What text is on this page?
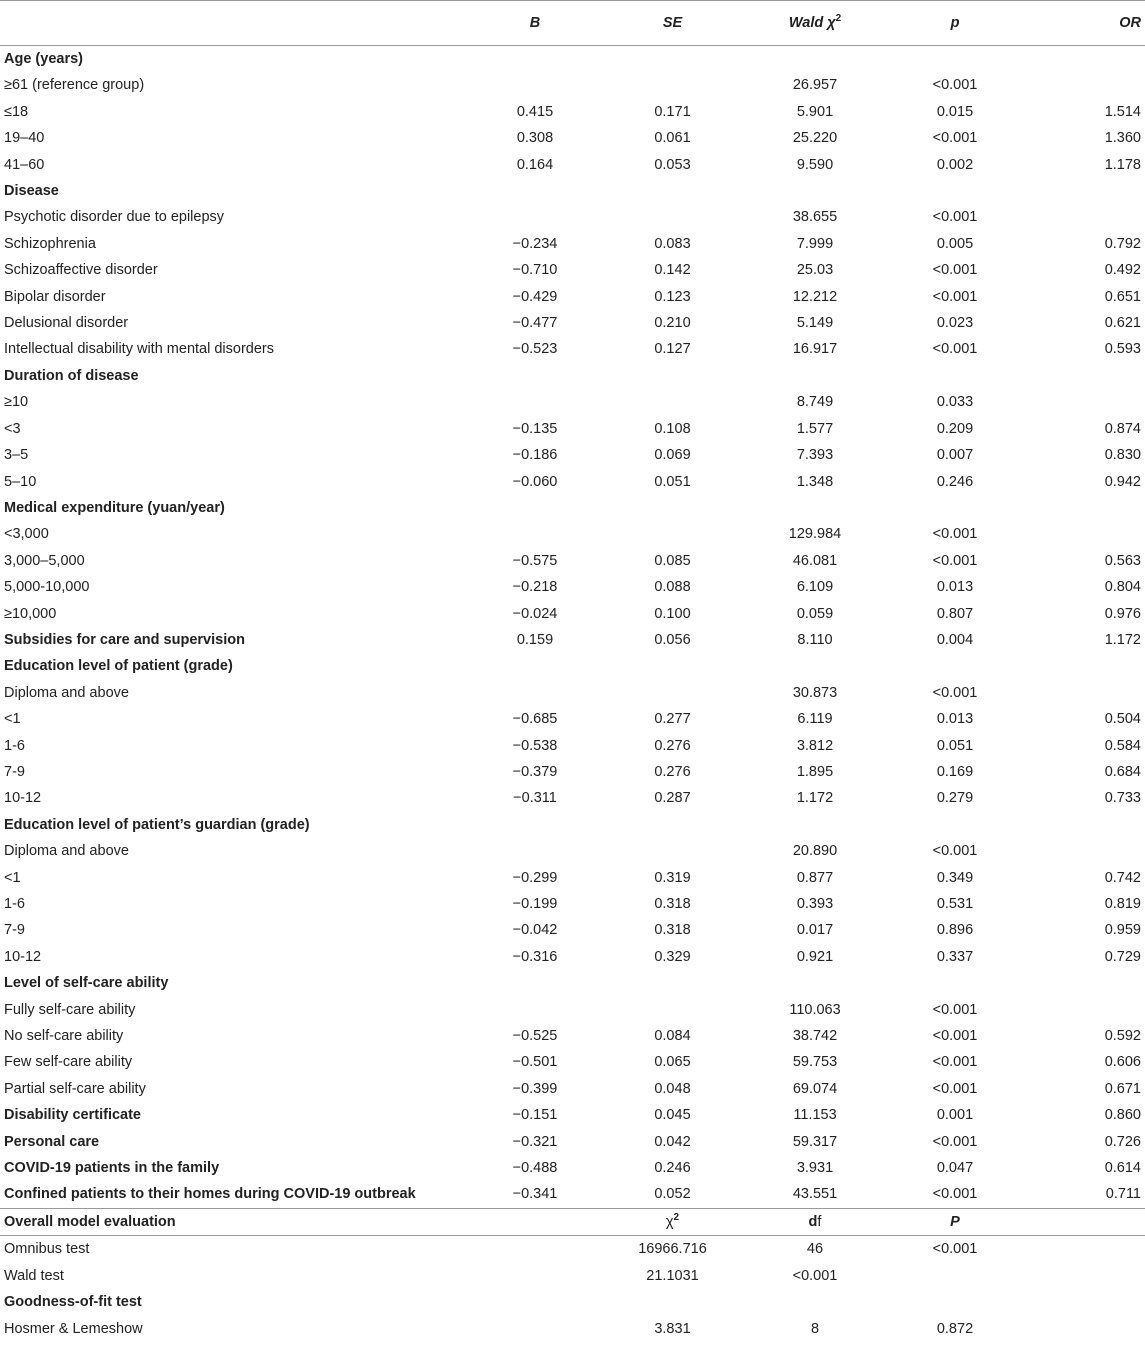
	B	SE	Wald $\chi^2$	p	OR
Age (years)					
≥61 (reference group)			26.957	<0.001	
≤18	0.415	0.171	5.901	0.015	1.514
19–40	0.308	0.061	25.220	<0.001	1.360
41–60	0.164	0.053	9.590	0.002	1.178
Disease					
Psychotic disorder due to epilepsy			38.655	<0.001	
Schizophrenia	−0.234	0.083	7.999	0.005	0.792
Schizoaffective disorder	−0.710	0.142	25.03	<0.001	0.492
Bipolar disorder	−0.429	0.123	12.212	<0.001	0.651
Delusional disorder	−0.477	0.210	5.149	0.023	0.621
Intellectual disability with mental disorders	−0.523	0.127	16.917	<0.001	0.593
Duration of disease					
≥10			8.749	0.033	
<3	−0.135	0.108	1.577	0.209	0.874
3–5	−0.186	0.069	7.393	0.007	0.830
5–10	−0.060	0.051	1.348	0.246	0.942
Medical expenditure (yuan/year)					
<3,000			129.984	<0.001	
3,000–5,000	−0.575	0.085	46.081	<0.001	0.563
5,000-10,000	−0.218	0.088	6.109	0.013	0.804
≥10,000	−0.024	0.100	0.059	0.807	0.976
Subsidies for care and supervision	0.159	0.056	8.110	0.004	1.172
Education level of patient (grade)					
Diploma and above			30.873	<0.001	
<1	−0.685	0.277	6.119	0.013	0.504
1-6	−0.538	0.276	3.812	0.051	0.584
7-9	−0.379	0.276	1.895	0.169	0.684
10-12	−0.311	0.287	1.172	0.279	0.733
Education level of patient’s guardian (grade)					
Diploma and above			20.890	<0.001	
<1	−0.299	0.319	0.877	0.349	0.742
1-6	−0.199	0.318	0.393	0.531	0.819
7-9	−0.042	0.318	0.017	0.896	0.959
10-12	−0.316	0.329	0.921	0.337	0.729
Level of self-care ability					
Fully self-care ability			110.063	<0.001	
No self-care ability	−0.525	0.084	38.742	<0.001	0.592
Few self-care ability	−0.501	0.065	59.753	<0.001	0.606
Partial self-care ability	−0.399	0.048	69.074	<0.001	0.671
Disability certificate	−0.151	0.045	11.153	0.001	0.860
Personal care	−0.321	0.042	59.317	<0.001	0.726
COVID-19 patients in the family	−0.488	0.246	3.931	0.047	0.614
Confined patients to their homes during COVID-19 outbreak	−0.341	0.052	43.551	<0.001	0.711
Overall model evaluation		$\chi^2$	df	P	
Omnibus test		16966.716	46	<0.001	
Wald test		21.1031	<0.001		
Goodness-of-fit test					
Hosmer & Lemeshow		3.831	8	0.872	
